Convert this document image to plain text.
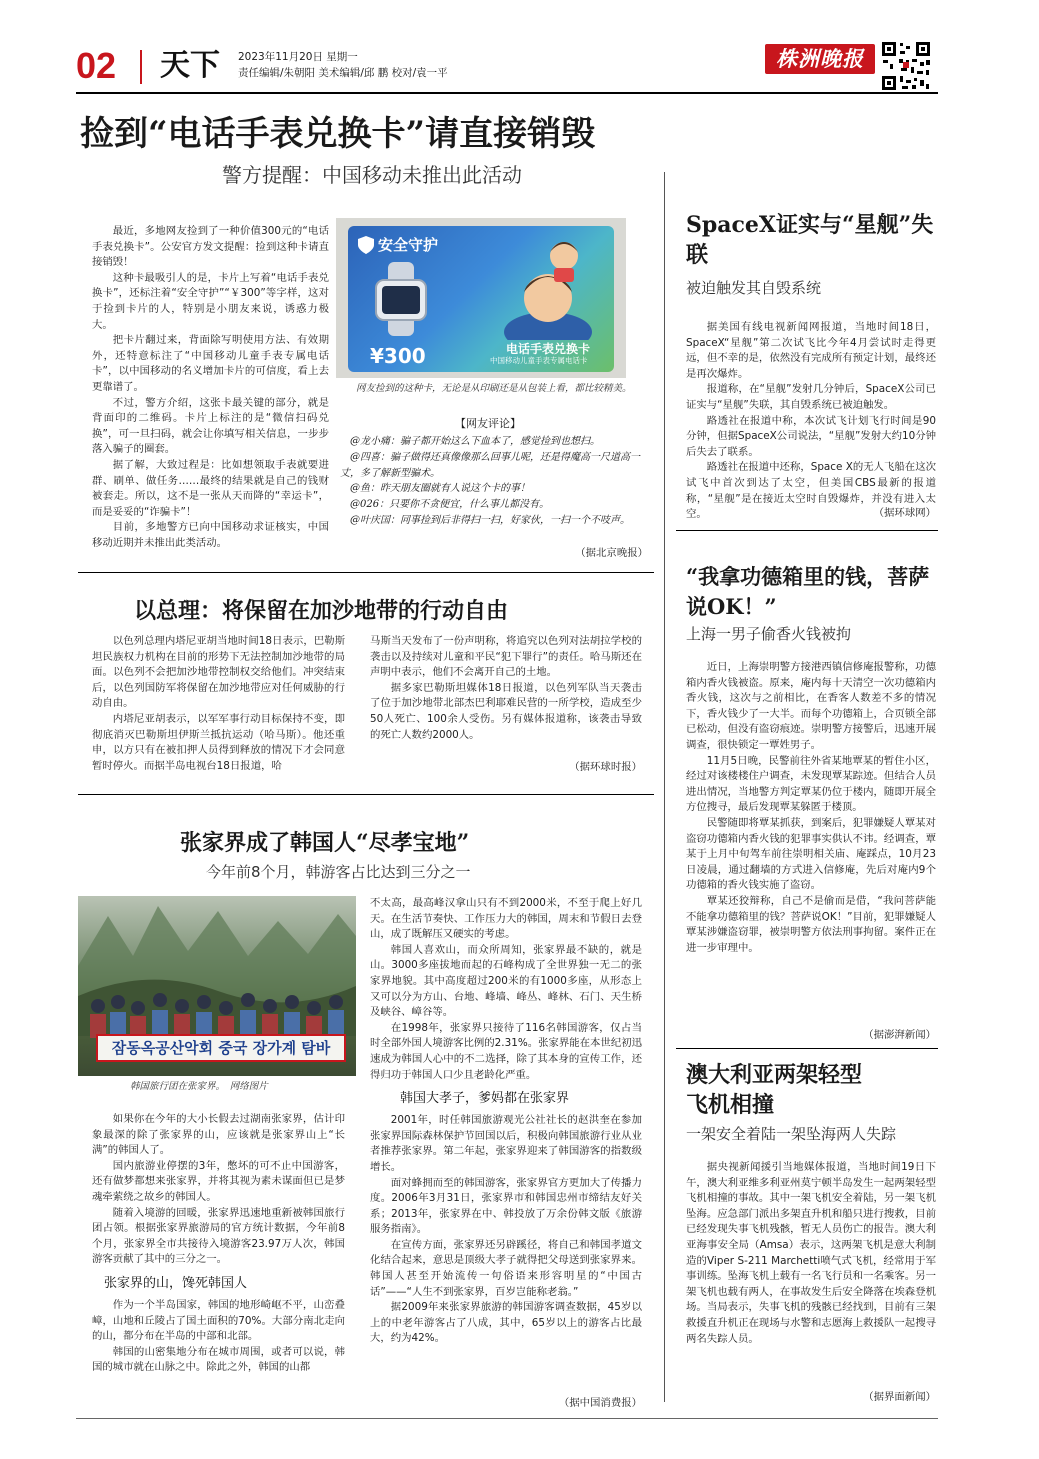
02 天下 2023年11月20日 星期一
责任编辑/朱朝阳 美术编辑/邱 鹏 校对/袁一平
株洲晚报
捡到“电话手表兑换卡”请直接销毁
警方提醒：中国移动未推出此活动

最近，多地网友捡到了一种价值300元的“电话手表兑换卡”。公安官方发文提醒：捡到这种卡请直接销毁！

这种卡最吸引人的是，卡片上写着“电话手表兑换卡”，还标注着“安全守护”“￥300”等字样，这对于捡到卡片的人，特别是小朋友来说，诱惑力极大。

把卡片翻过来，背面除写明使用方法、有效期外，还特意标注了“中国移动儿童手表专属电话卡”，以中国移动的名义增加卡片的可信度，看上去更靠谱了。

不过，警方介绍，这张卡最关键的部分，就是背面印的二维码。卡片上标注的是“微信扫码兑换”，可一旦扫码，就会让你填写相关信息，一步步落入骗子的圈套。

据了解，大致过程是：比如想领取手表就要进群、刷单、做任务……最终的结果就是自己的钱财被套走。所以，这不是一张从天而降的“幸运卡”，而是妥妥的“诈骗卡”！

目前，多地警方已向中国移动求证核实，中国移动近期并未推出此类活动。

安全守护
¥300	电话手表兑换卡
中国移动儿童手表专属电话卡
网友捡到的这种卡，无论是从印刷还是从包装上看，都比较精美。
【网友评论】
@龙小痛：骗子都开始这么下血本了，感觉捡到也想扫。
@四喜：骗子做得还真像像那么回事儿呢，还是得魔高一尺道高一丈，多了解新型骗术。
@鱼：昨天朋友圈就有人说这个卡的事！
@026：只要你不贪便宜，什么事儿都没有。
@叶庆国：同事捡到后非得扫一扫，好家伙，一扫一个不吱声。
（据北京晚报）
SpaceX证实与“星舰”失联
被迫触发其自毁系统

据美国有线电视新闻网报道，当地时间18日，SpaceX“星舰”第二次试飞比今年4月尝试时走得更远，但不幸的是，依然没有完成所有预定计划，最终还是再次爆炸。

报道称，在“星舰”发射几分钟后，SpaceX公司已证实与“星舰”失联，其自毁系统已被迫触发。

路透社在报道中称，本次试飞计划飞行时间是90分钟，但据SpaceX公司说法，“星舰”发射大约10分钟后失去了联系。

路透社在报道中还称，Space X的无人飞船在这次试飞中首次到达了太空，但美国CBS最新的报道称，“星舰”是在接近太空时自毁爆炸，并没有进入太空。	（据环球网）
以总理：将保留在加沙地带的行动自由

以色列总理内塔尼亚胡当地时间18日表示，巴勒斯坦民族权力机构在目前的形势下无法控制加沙地带的局面。以色列不会把加沙地带控制权交给他们。冲突结束后，以色列国防军将保留在加沙地带应对任何威胁的行动自由。

内塔尼亚胡表示，以军军事行动目标保持不变，即彻底消灭巴勒斯坦伊斯兰抵抗运动（哈马斯）。他还重申，以方只有在被扣押人员得到释放的情况下才会同意暂时停火。而据半岛电视台18日报道，哈

马斯当天发布了一份声明称，将追究以色列对法胡拉学校的袭击以及持续对儿童和平民“犯下罪行”的责任。哈马斯还在声明中表示，他们不会离开自己的土地。

据多家巴勒斯坦媒体18日报道，以色列军队当天袭击了位于加沙地带北部杰巴利耶难民营的一所学校，造成至少50人死亡、100余人受伤。另有媒体报道称，该袭击导致的死亡人数约2000人。

（据环球时报）
“我拿功德箱里的钱，菩萨说OK！”
上海一男子偷香火钱被拘

近日，上海崇明警方接港西镇信修庵报警称，功德箱内香火钱被盗。原来，庵内每十天清空一次功德箱内香火钱，这次与之前相比，在香客人数差不多的情况下，香火钱少了一大半。而每个功德箱上，合页锁全部已松动，但没有盗窃痕迹。崇明警方接警后，迅速开展调查，很快锁定一覃姓男子。

11月5日晚，民警前往外省某地覃某的暂住小区，经过对该楼楼住户调查，未发现覃某踪迹。但结合人员进出情况，当地警方判定覃某仍位于楼内，随即开展全方位搜寻，最后发现覃某躲匿于楼顶。

民警随即将覃某抓获，到案后，犯罪嫌疑人覃某对盗窃功德箱内香火钱的犯罪事实供认不讳。经调查，覃某于上月中旬驾车前往崇明相关庙、庵踩点，10月23日凌晨，通过翻墙的方式进入信修庵，先后对庵内9个功德箱的香火钱实施了盗窃。

覃某还狡辩称，自己不是偷而是借，“我问菩萨能不能拿功德箱里的钱？菩萨说OK！”目前，犯罪嫌疑人覃某涉嫌盗窃罪，被崇明警方依法刑事拘留。案件正在进一步审理中。

（据澎湃新闻）
张家界成了韩国人“尽孝宝地”
今年前8个月，韩游客占比达到三分之一
잠동옥공산악회 중국 장가계 탐바
韩国旅行团在张家界。　网络图片

如果你在今年的大小长假去过湖南张家界，估计印象最深的除了张家界的山，应该就是张家界山上“长满”的韩国人了。

国内旅游业停摆的3年，憋坏的可不止中国游客，还有做梦都想来张家界，并将其视为素未谋面但已是梦魂牵萦绕之故乡的韩国人。

随着入境游的回暖，张家界迅速地重新被韩国旅行团占领。根据张家界旅游局的官方统计数据，今年前8个月，张家界全市共接待入境游客23.97万人次，韩国游客贡献了其中的三分之一。

张家界的山，馋死韩国人

作为一个半岛国家，韩国的地形崎岖不平，山峦叠嶂，山地和丘陵占了国土面积的70%。大部分南北走向的山，都分布在半岛的中部和北部。

韩国的山密集地分布在城市周围，或者可以说，韩国的城市就在山脉之中。除此之外，韩国的山都

不太高，最高峰汉拿山只有不到2000米，不至于爬上好几天。在生活节奏快、工作压力大的韩国，周末和节假日去登山，成了既解压又硬实的考虑。

韩国人喜欢山，而众所周知，张家界最不缺的，就是山。3000多座拔地而起的石峰构成了全世界独一无二的张家界地貌。其中高度超过200米的有1000多座，从形态上又可以分为方山、台地、峰墙、峰丛、峰林、石门、天生桥及峡谷、嶂谷等。

在1998年，张家界只接待了116名韩国游客，仅占当时全部外国人境游客比例的2.31%。张家界能在本世纪初迅速成为韩国人心中的不二选择，除了其本身的宣传工作，还得归功于韩国人口少且老龄化严重。

韩国大孝子，爹妈都在张家界

2001年，时任韩国旅游观光公社社长的赵洪奎在参加张家界国际森林保护节回国以后，积极向韩国旅游行业从业者推荐张家界。第二年起，张家界迎来了韩国游客的指数级增长。

面对蜂拥而至的韩国游客，张家界官方更加大了传播力度。2006年3月31日，张家界市和韩国忠州市缔结友好关系；2013年，张家界在中、韩投放了万余份韩文版《旅游服务指南》。

在宣传方面，张家界还另辟蹊径，将自己和韩国孝道文化结合起来，意思是顶级大孝子就得把父母送到张家界来。韩国人甚至开始流传一句俗语来形容明星的“中国古话”——“人生不到张家界，百岁岂能称老翁。”

据2009年来张家界旅游的韩国游客调查数据，45岁以上的中老年游客占了八成，其中，65岁以上的游客占比最大，约为42%。

（据中国消费报）
澳大利亚两架轻型飞机相撞
一架安全着陆一架坠海两人失踪

据央视新闻援引当地媒体报道，当地时间19日下午，澳大利亚维多利亚州莫宁顿半岛发生一起两架轻型飞机相撞的事故。其中一架飞机安全着陆，另一架飞机坠海。应急部门派出多架直升机和船只进行搜救，目前已经发现失事飞机残骸，暂无人员伤亡的报告。澳大利亚海事安全局（Amsa）表示，这两架飞机是意大利制造的Viper S-211 Marchetti喷气式飞机，经常用于军事训练。坠海飞机上载有一名飞行员和一名乘客。另一架飞机也载有两人，在事故发生后安全降落在埃森登机场。当局表示，失事飞机的残骸已经找到，目前有三架救援直升机正在现场与水警和志愿海上救援队一起搜寻两名失踪人员。

（据界面新闻）
